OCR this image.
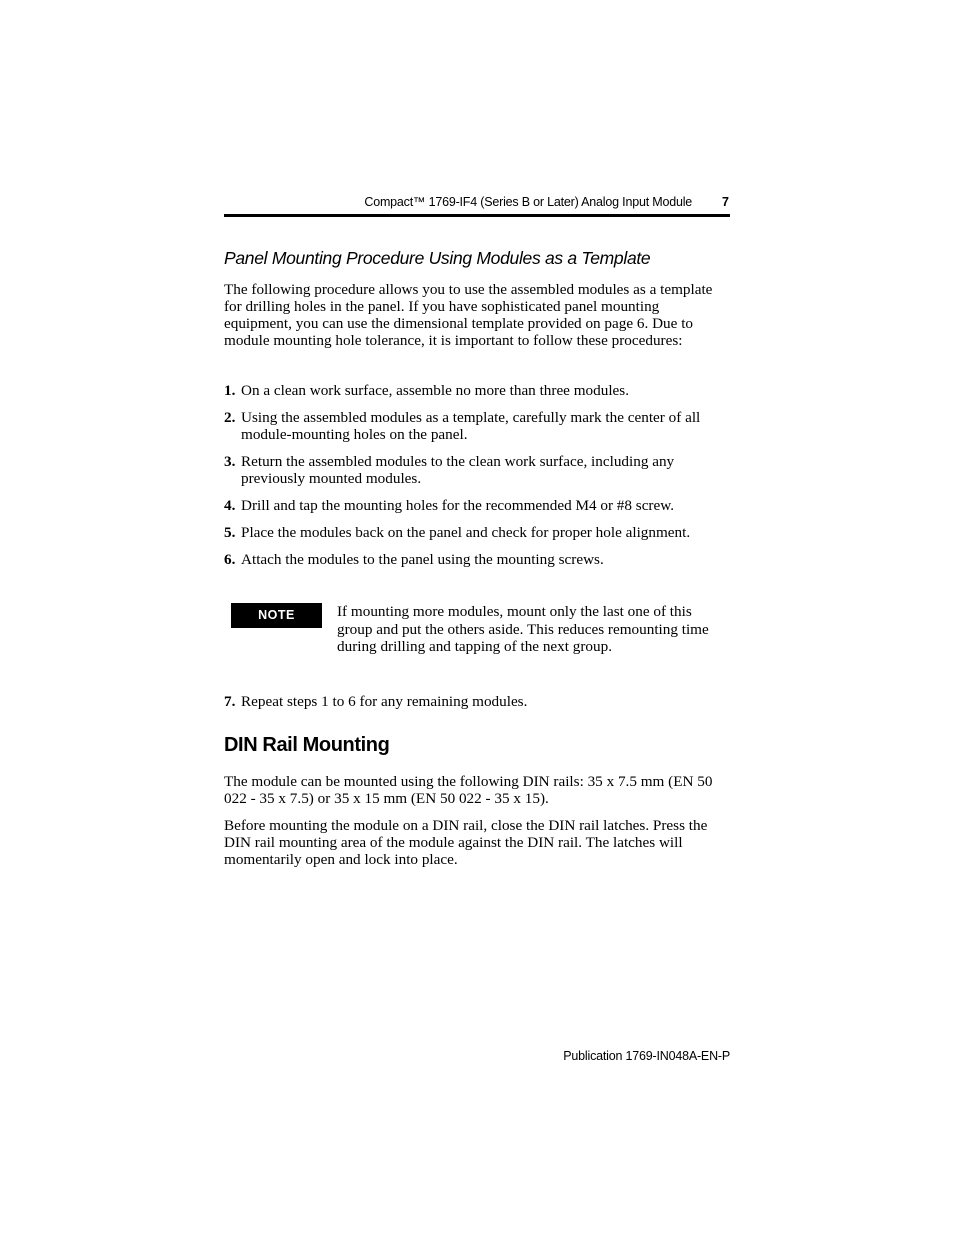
Compact™ 1769-IF4 (Series B or Later) Analog Input Module 7
Panel Mounting Procedure Using Modules as a Template
The following procedure allows you to use the assembled modules as a template for drilling holes in the panel. If you have sophisticated panel mounting equipment, you can use the dimensional template provided on page 6. Due to module mounting hole tolerance, it is important to follow these procedures:
1. On a clean work surface, assemble no more than three modules.
2. Using the assembled modules as a template, carefully mark the center of all module-mounting holes on the panel.
3. Return the assembled modules to the clean work surface, including any previously mounted modules.
4. Drill and tap the mounting holes for the recommended M4 or #8 screw.
5. Place the modules back on the panel and check for proper hole alignment.
6. Attach the modules to the panel using the mounting screws.
NOTE	If mounting more modules, mount only the last one of this group and put the others aside. This reduces remounting time during drilling and tapping of the next group.
7. Repeat steps 1 to 6 for any remaining modules.
DIN Rail Mounting
The module can be mounted using the following DIN rails: 35 x 7.5 mm (EN 50 022 - 35 x 7.5) or 35 x 15 mm (EN 50 022 - 35 x 15).
Before mounting the module on a DIN rail, close the DIN rail latches. Press the DIN rail mounting area of the module against the DIN rail. The latches will momentarily open and lock into place.
Publication 1769-IN048A-EN-P
